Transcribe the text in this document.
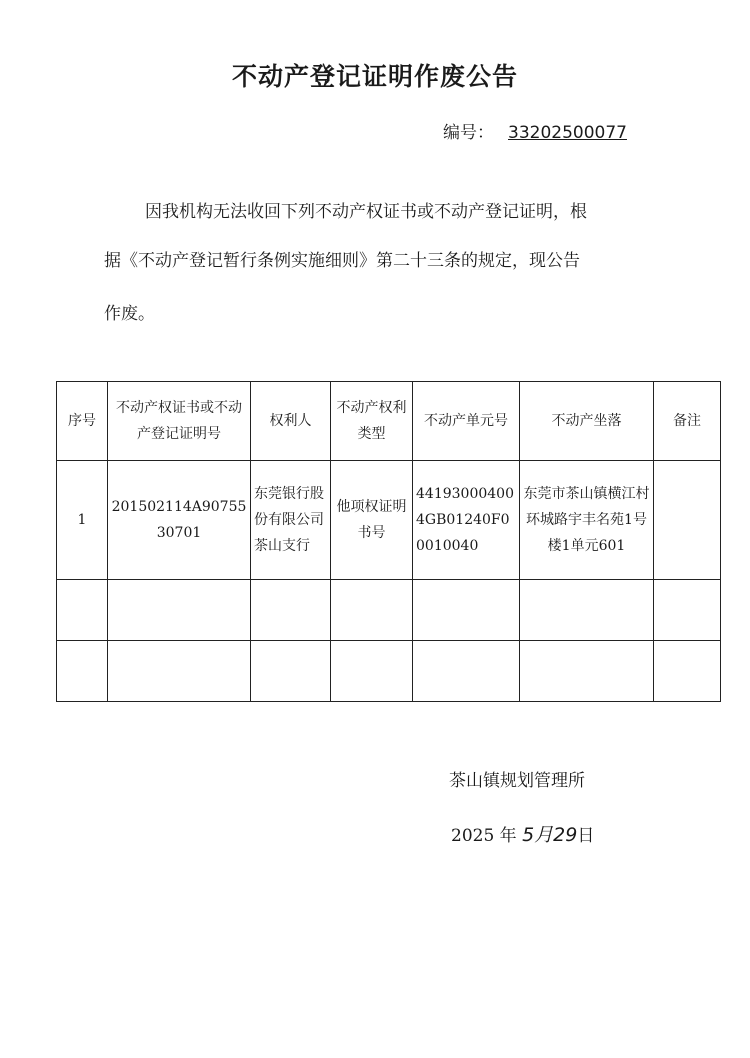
不动产登记证明作废公告
编号： 33202500077
因我机构无法收回下列不动产权证书或不动产登记证明，根
据《不动产登记暂行条例实施细则》第二十三条的规定，现公告
作废。
序号	不动产权证书或不动产登记证明号	权利人	不动产权利类型	不动产单元号	不动产坐落	备注
1	201502114A9075530701	东莞银行股份有限公司茶山支行	他项权证明书号	441930004004GB01240F00010040	东莞市茶山镇横江村环城路宇丰名苑1号楼1单元601	

茶山镇规划管理所
2025 年 5月29日
